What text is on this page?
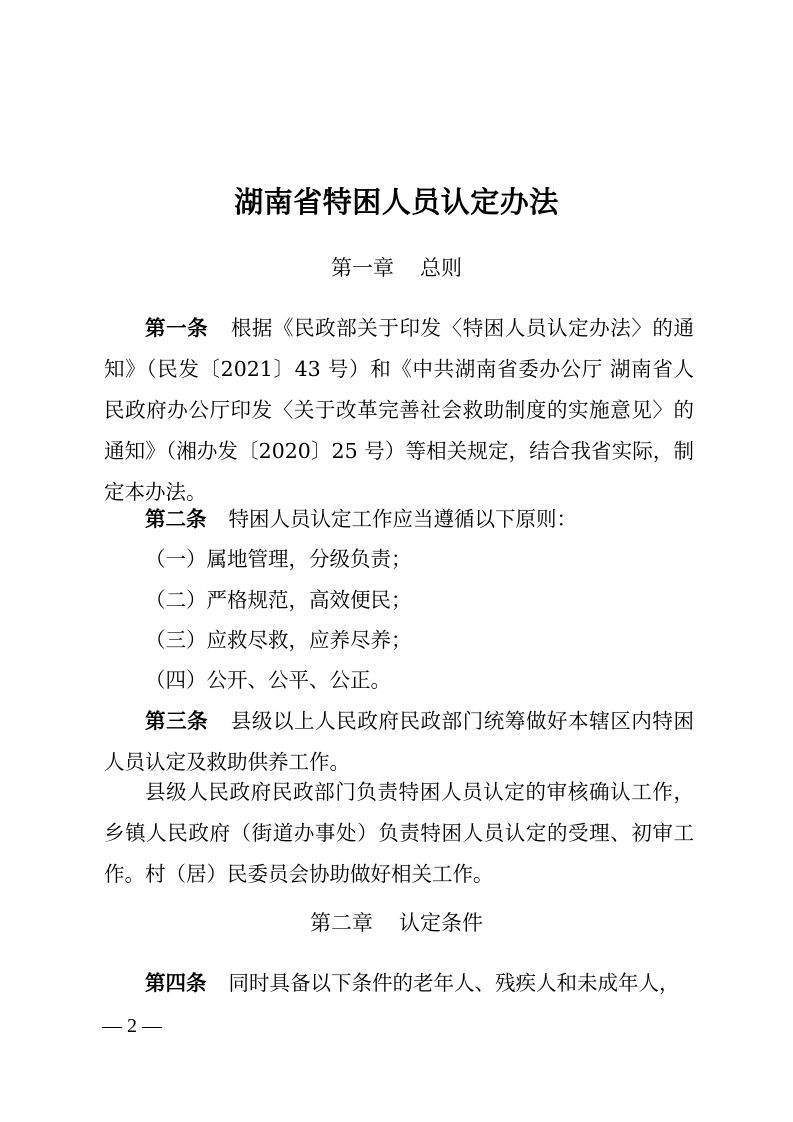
湖南省特困人员认定办法
第一章 总则
第一条 根据《民政部关于印发〈特困人员认定办法〉的通知》（民发〔2021〕43 号）和《中共湖南省委办公厅 湖南省人民政府办公厅印发〈关于改革完善社会救助制度的实施意见〉的通知》（湘办发〔2020〕25 号）等相关规定，结合我省实际，制定本办法。
第二条 特困人员认定工作应当遵循以下原则：
（一）属地管理，分级负责；
（二）严格规范，高效便民；
（三）应救尽救，应养尽养；
（四）公开、公平、公正。
第三条 县级以上人民政府民政部门统筹做好本辖区内特困人员认定及救助供养工作。
县级人民政府民政部门负责特困人员认定的审核确认工作，乡镇人民政府（街道办事处）负责特困人员认定的受理、初审工作。村（居）民委员会协助做好相关工作。
第二章 认定条件
第四条 同时具备以下条件的老年人、残疾人和未成年人，
— 2 —
